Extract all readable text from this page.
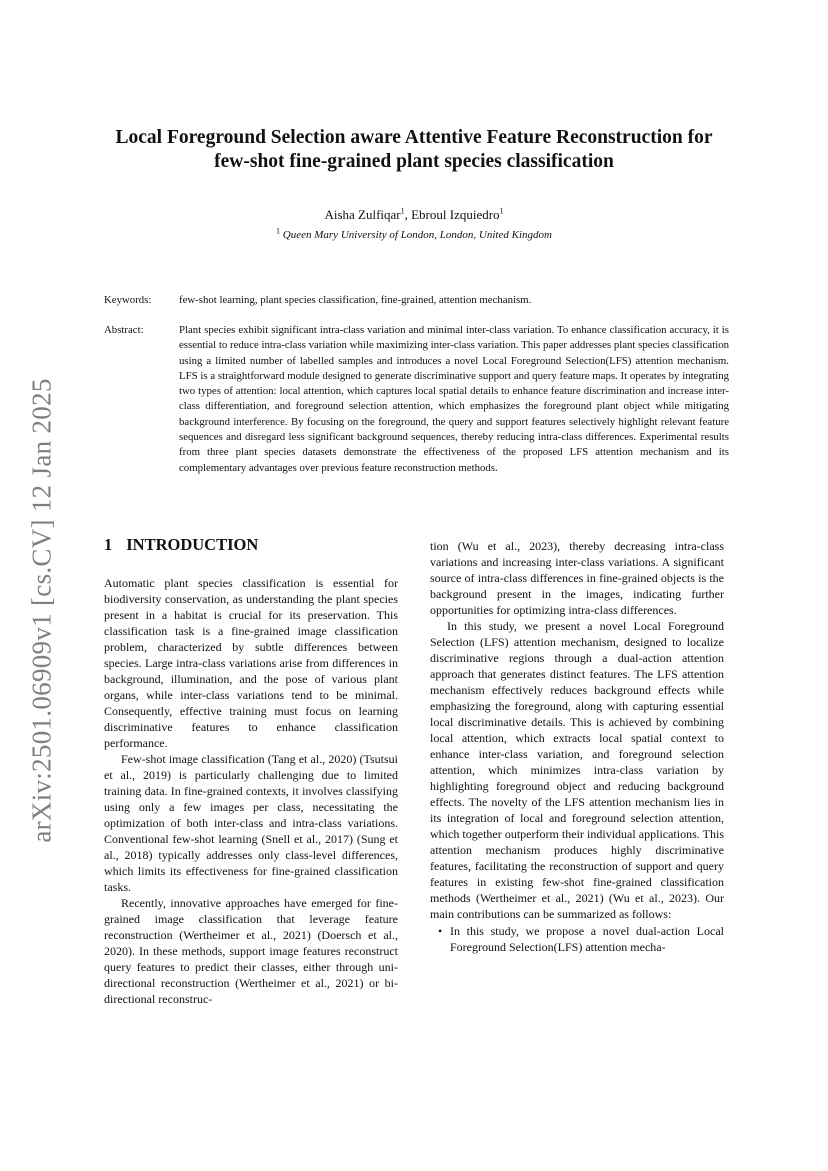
arXiv:2501.06909v1 [cs.CV] 12 Jan 2025
Local Foreground Selection aware Attentive Feature Reconstruction for
few-shot fine-grained plant species classification
Aisha Zulfiqar$^1$, Ebroul Izquiedro$^1$
$^1$ Queen Mary University of London, London, United Kingdom
Keywords:	few-shot learning, plant species classification, fine-grained, attention mechanism.
Abstract:	Plant species exhibit significant intra-class variation and minimal inter-class variation. To enhance classification accuracy, it is essential to reduce intra-class variation while maximizing inter-class variation. This paper addresses plant species classification using a limited number of labelled samples and introduces a novel Local Foreground Selection(LFS) attention mechanism. LFS is a straightforward module designed to generate discriminative support and query feature maps. It operates by integrating two types of attention: local attention, which captures local spatial details to enhance feature discrimination and increase inter-class differentiation, and foreground selection attention, which emphasizes the foreground plant object while mitigating background interference. By focusing on the foreground, the query and support features selectively highlight relevant feature sequences and disregard less significant background sequences, thereby reducing intra-class differences. Experimental results from three plant species datasets demonstrate the effectiveness of the proposed LFS attention mechanism and its complementary advantages over previous feature reconstruction methods.
1 INTRODUCTION

Automatic plant species classification is essential for biodiversity conservation, as understanding the plant species present in a habitat is crucial for its preservation. This classification task is a fine-grained image classification problem, characterized by subtle differences between species. Large intra-class variations arise from differences in background, illumination, and the pose of various plant organs, while inter-class variations tend to be minimal. Consequently, effective training must focus on learning discriminative features to enhance classification performance.

Few-shot image classification (Tang et al., 2020) (Tsutsui et al., 2019) is particularly challenging due to limited training data. In fine-grained contexts, it involves classifying using only a few images per class, necessitating the optimization of both inter-class and intra-class variations. Conventional few-shot learning (Snell et al., 2017) (Sung et al., 2018) typically addresses only class-level differences, which limits its effectiveness for fine-grained classification tasks.

Recently, innovative approaches have emerged for fine-grained image classification that leverage feature reconstruction (Wertheimer et al., 2021) (Doersch et al., 2020). In these methods, support image features reconstruct query features to predict their classes, either through uni-directional reconstruction (Wertheimer et al., 2021) or bi-directional reconstruc-

tion (Wu et al., 2023), thereby decreasing intra-class variations and increasing inter-class variations. A significant source of intra-class differences in fine-grained objects is the background present in the images, indicating further opportunities for optimizing intra-class differences.

In this study, we present a novel Local Foreground Selection (LFS) attention mechanism, designed to localize discriminative regions through a dual-action attention approach that generates distinct features. The LFS attention mechanism effectively reduces background effects while emphasizing the foreground, along with capturing essential local discriminative details. This is achieved by combining local attention, which extracts local spatial context to enhance inter-class variation, and foreground selection attention, which minimizes intra-class variation by highlighting foreground object and reducing background effects. The novelty of the LFS attention mechanism lies in its integration of local and foreground selection attention, which together outperform their individual applications. This attention mechanism produces highly discriminative features, facilitating the reconstruction of support and query features in existing few-shot fine-grained classification methods (Wertheimer et al., 2021) (Wu et al., 2023). Our main contributions can be summarized as follows:

• In this study, we propose a novel dual-action Local Foreground Selection(LFS) attention mecha-
